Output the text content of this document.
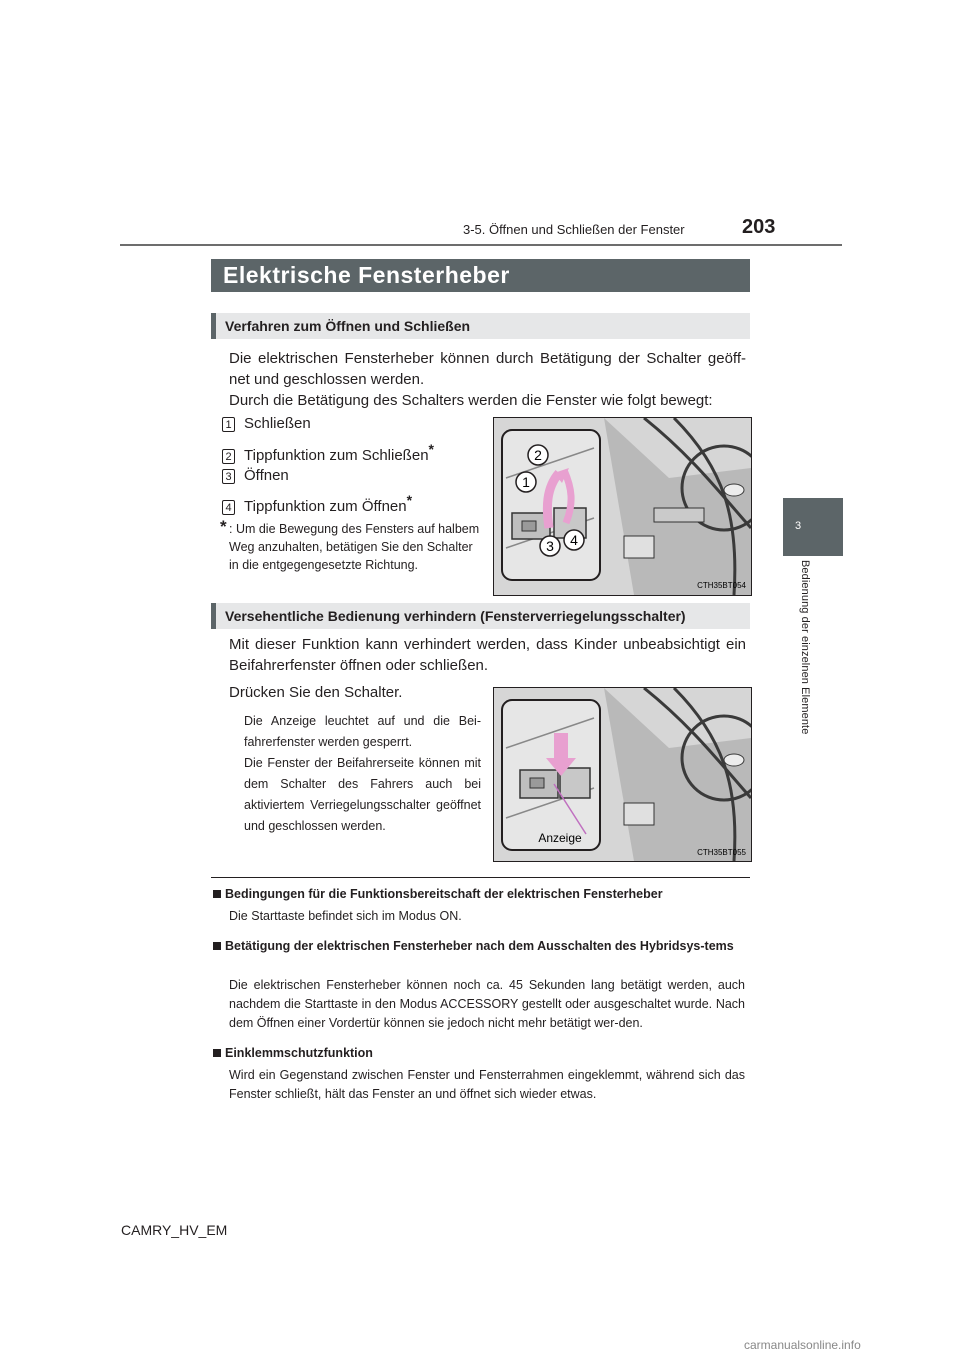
3-5. Öffnen und Schließen der Fenster	203
3
Bedienung der einzelnen Elemente
Elektrische Fensterheber
Verfahren zum Öffnen und Schließen
Die elektrischen Fensterheber können durch Betätigung der Schalter geöff-net und geschlossen werden.
Durch die Betätigung des Schalters werden die Fenster wie folgt bewegt:
1 Schließen
2 Tippfunktion zum Schließen*
3 Öffnen
4 Tippfunktion zum Öffnen*
* : Um die Bewegung des Fensters auf halbem Weg anzuhalten, betätigen Sie den Schalter in die entgegengesetzte Richtung.
2
1
3 4
CTH35BT054
Versehentliche Bedienung verhindern (Fensterverriegelungsschalter)
Mit dieser Funktion kann verhindert werden, dass Kinder unbeabsichtigt ein Beifahrerfenster öffnen oder schließen.
Drücken Sie den Schalter.
Die Anzeige leuchtet auf und die Bei-fahrerfenster werden gesperrt.
Die Fenster der Beifahrerseite können mit dem Schalter des Fahrers auch bei aktiviertem Verriegelungsschalter geöffnet und geschlossen werden.
Anzeige
CTH35BT055
Bedingungen für die Funktionsbereitschaft der elektrischen Fensterheber
Die Starttaste befindet sich im Modus ON.
Betätigung der elektrischen Fensterheber nach dem Ausschalten des Hybridsys-tems
Die elektrischen Fensterheber können noch ca. 45 Sekunden lang betätigt werden, auch nachdem die Starttaste in den Modus ACCESSORY gestellt oder ausgeschaltet wurde. Nach dem Öffnen einer Vordertür können sie jedoch nicht mehr betätigt wer-den.
Einklemmschutzfunktion
Wird ein Gegenstand zwischen Fenster und Fensterrahmen eingeklemmt, während sich das Fenster schließt, hält das Fenster an und öffnet sich wieder etwas.
CAMRY_HV_EM
carmanualsonline.info
